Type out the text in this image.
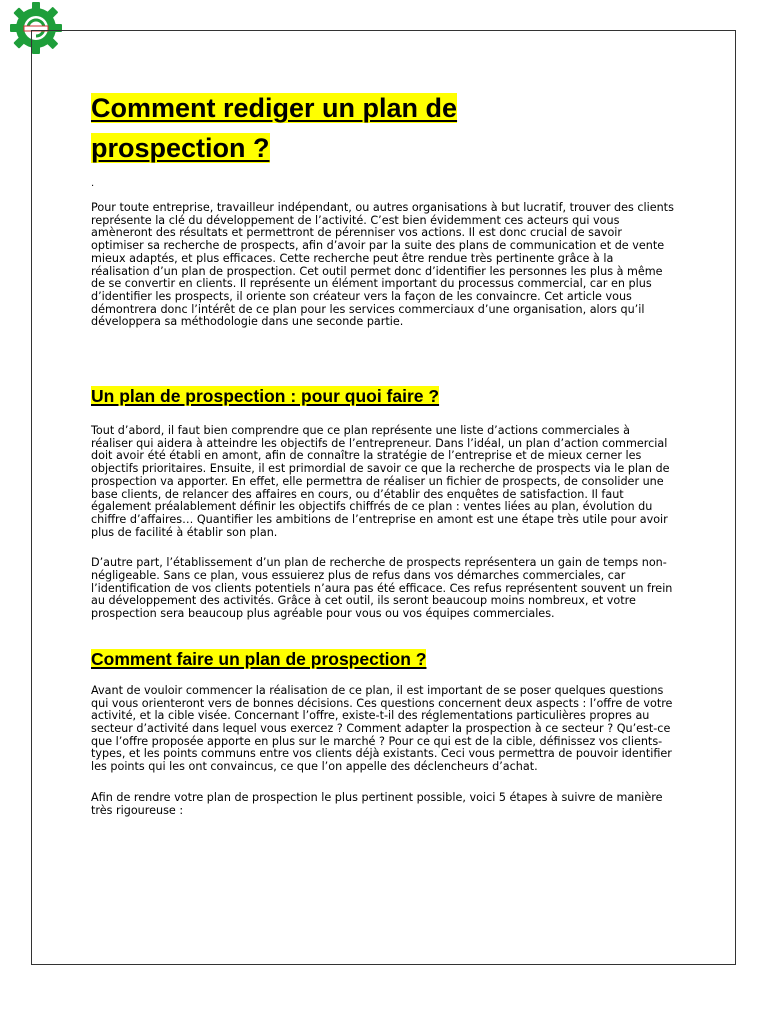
Comment rediger un plan de
prospection ?
.

Pour toute entreprise, travailleur indépendant, ou autres organisations à but lucratif, trouver des clients représente la clé du développement de l’activité. C’est bien évidemment ces acteurs qui vous amèneront des résultats et permettront de pérenniser vos actions. Il est donc crucial de savoir optimiser sa recherche de prospects, afin d’avoir par la suite des plans de communication et de vente mieux adaptés, et plus efficaces. Cette recherche peut être rendue très pertinente grâce à la réalisation d’un plan de prospection. Cet outil permet donc d’identifier les personnes les plus à même de se convertir en clients. Il représente un élément important du processus commercial, car en plus d’identifier les prospects, il oriente son créateur vers la façon de les convaincre. Cet article vous démontrera donc l’intérêt de ce plan pour les services commerciaux d’une organisation, alors qu’il développera sa méthodologie dans une seconde partie.

Un plan de prospection : pour quoi faire ?

Tout d’abord, il faut bien comprendre que ce plan représente une liste d’actions commerciales à réaliser qui aidera à atteindre les objectifs de l’entrepreneur. Dans l’idéal, un plan d’action commercial doit avoir été établi en amont, afin de connaître la stratégie de l’entreprise et de mieux cerner les objectifs prioritaires. Ensuite, il est primordial de savoir ce que la recherche de prospects via le plan de prospection va apporter. En effet, elle permettra de réaliser un fichier de prospects, de consolider une base clients, de relancer des affaires en cours, ou d’établir des enquêtes de satisfaction. Il faut également préalablement définir les objectifs chiffrés de ce plan : ventes liées au plan, évolution du chiffre d’affaires… Quantifier les ambitions de l’entreprise en amont est une étape très utile pour avoir plus de facilité à établir son plan.

D’autre part, l’établissement d’un plan de recherche de prospects représentera un gain de temps non-négligeable. Sans ce plan, vous essuierez plus de refus dans vos démarches commerciales, car l’identification de vos clients potentiels n’aura pas été efficace. Ces refus représentent souvent un frein au développement des activités. Grâce à cet outil, ils seront beaucoup moins nombreux, et votre prospection sera beaucoup plus agréable pour vous ou vos équipes commerciales.

Comment faire un plan de prospection ?

Avant de vouloir commencer la réalisation de ce plan, il est important de se poser quelques questions qui vous orienteront vers de bonnes décisions. Ces questions concernent deux aspects : l’offre de votre activité, et la cible visée. Concernant l’offre, existe-t-il des réglementations particulières propres au secteur d’activité dans lequel vous exercez ? Comment adapter la prospection à ce secteur ? Qu’est-ce que l’offre proposée apporte en plus sur le marché ? Pour ce qui est de la cible, définissez vos clients-types, et les points communs entre vos clients déjà existants. Ceci vous permettra de pouvoir identifier les points qui les ont convaincus, ce que l’on appelle des déclencheurs d’achat.

Afin de rendre votre plan de prospection le plus pertinent possible, voici 5 étapes à suivre de manière très rigoureuse :
